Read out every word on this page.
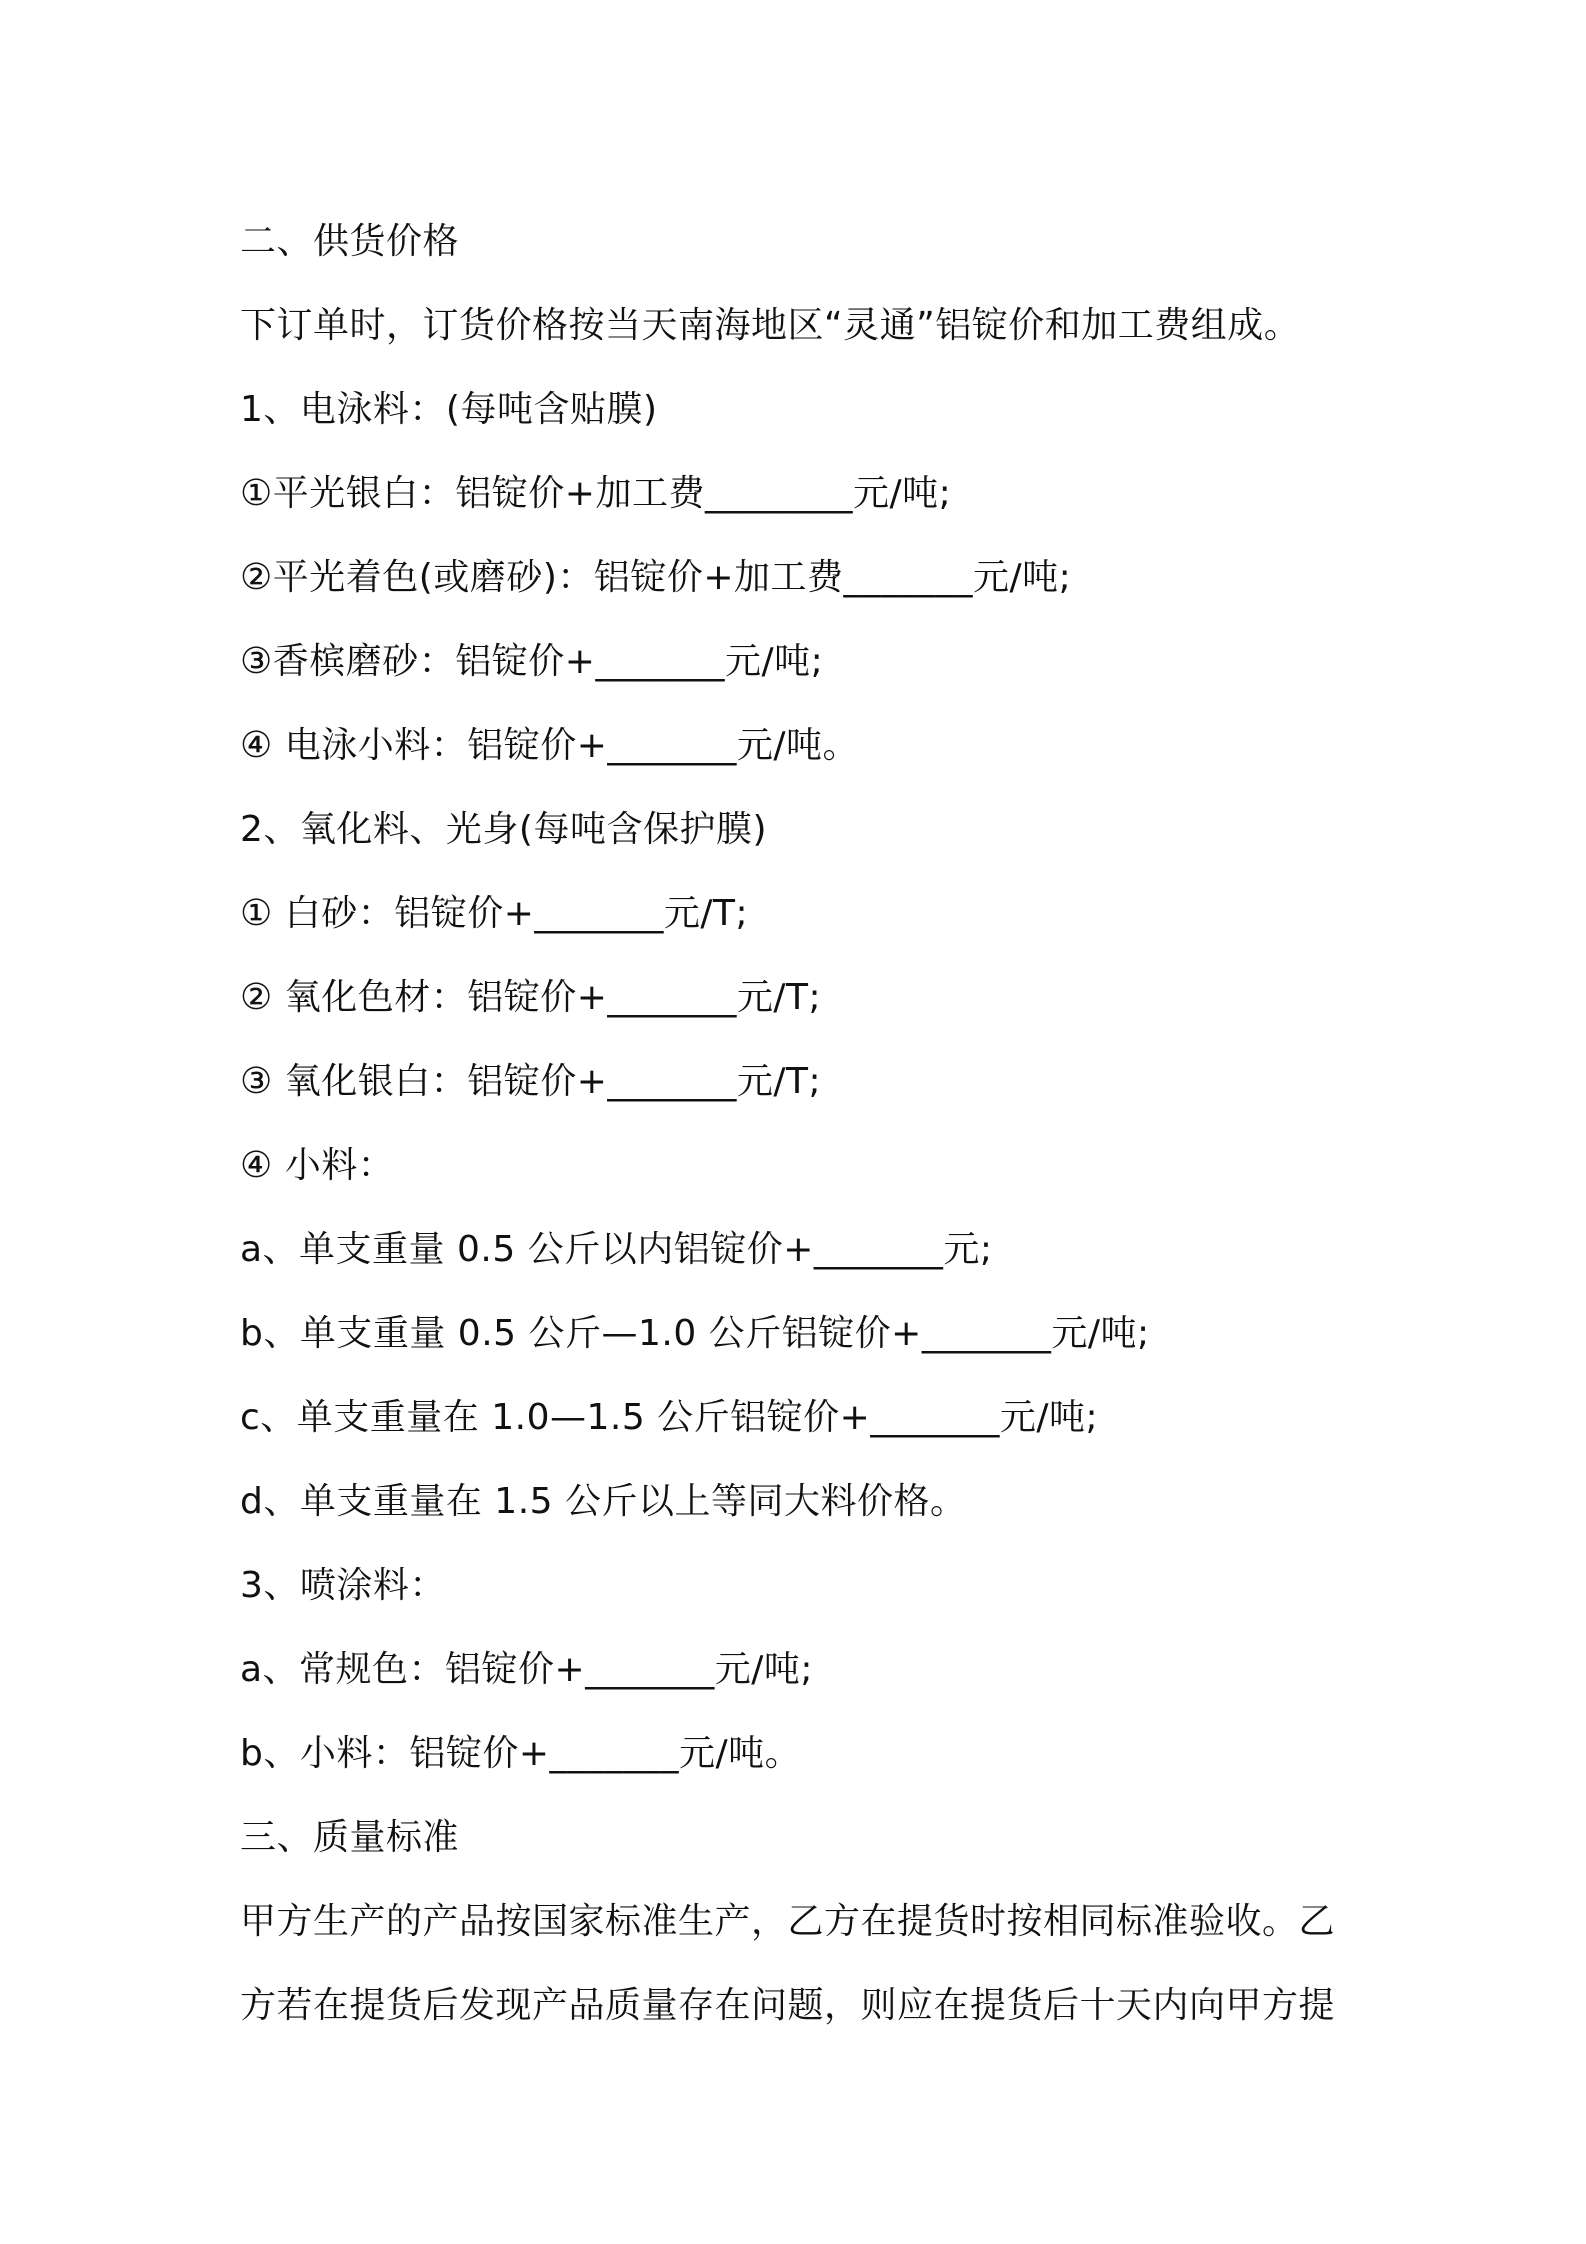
二、供货价格
下订单时，订货价格按当天南海地区“灵通”铝锭价和加工费组成。
1、电泳料：(每吨含贴膜)
①平光银白：铝锭价+加工费________元/吨;
②平光着色(或磨砂)：铝锭价+加工费_______元/吨;
③香槟磨砂：铝锭价+_______元/吨;
④ 电泳小料：铝锭价+_______元/吨。
2、氧化料、光身(每吨含保护膜)
① 白砂：铝锭价+_______元/T;
② 氧化色材：铝锭价+_______元/T;
③ 氧化银白：铝锭价+_______元/T;
④ 小料：
a、单支重量 0.5 公斤以内铝锭价+_______元;
b、单支重量 0.5 公斤—1.0 公斤铝锭价+_______元/吨;
c、单支重量在 1.0—1.5 公斤铝锭价+_______元/吨;
d、单支重量在 1.5 公斤以上等同大料价格。
3、喷涂料：
a、常规色：铝锭价+_______元/吨;
b、小料：铝锭价+_______元/吨。
三、质量标准
甲方生产的产品按国家标准生产，乙方在提货时按相同标准验收。乙
方若在提货后发现产品质量存在问题，则应在提货后十天内向甲方提
